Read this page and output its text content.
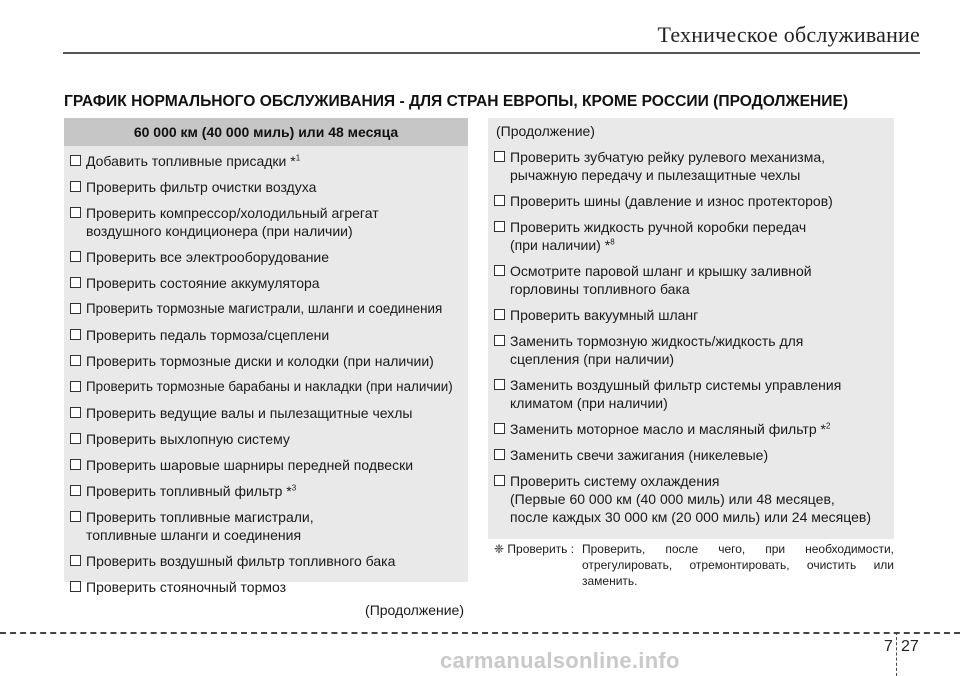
Техническое обслуживание
ГРАФИК НОРМАЛЬНОГО ОБСЛУЖИВАНИЯ - ДЛЯ СТРАН ЕВРОПЫ, КРОМЕ РОССИИ (ПРОДОЛЖЕНИЕ)
60 000 км (40 000 миль) или 48 месяца
Добавить топливные присадки *$^1$
Проверить фильтр очистки воздуха
Проверить компрессор/холодильный агрегат
воздушного кондиционера (при наличии)
Проверить все электрооборудование
Проверить состояние аккумулятора
Проверить тормозные магистрали, шланги и соединения
Проверить педаль тормоза/сцеплени
Проверить тормозные диски и колодки (при наличии)
Проверить тормозные барабаны и накладки (при наличии)
Проверить ведущие валы и пылезащитные чехлы
Проверить выхлопную систему
Проверить шаровые шарниры передней подвески
Проверить топливный фильтр *$^3$
Проверить топливные магистрали,
топливные шланги и соединения
Проверить воздушный фильтр топливного бака
Проверить стояночный тормоз
(Продолжение)
(Продолжение)
Проверить зубчатую рейку рулевого механизма,
рычажную передачу и пылезащитные чехлы
Проверить шины (давление и износ протекторов)
Проверить жидкость ручной коробки передач
(при наличии) *$^8$
Осмотрите паровой шланг и крышку заливной
горловины топливного бака
Проверить вакуумный шланг
Заменить тормозную жидкость/жидкость для
сцепления (при наличии)
Заменить воздушный фильтр системы управления
климатом (при наличии)
Заменить моторное масло и масляный фильтр *$^2$
Заменить свечи зажигания (никелевые)
Проверить систему охлаждения
(Первые 60 000 км (40 000 миль) или 48 месяцев,
после каждых 30 000 км (20 000 миль) или 24 месяцев)
❈ Проверить : Проверить, после чего, при необходимости, отрегулировать, отремонтировать, очистить или заменить.
7 27
carmanualsonline.info
